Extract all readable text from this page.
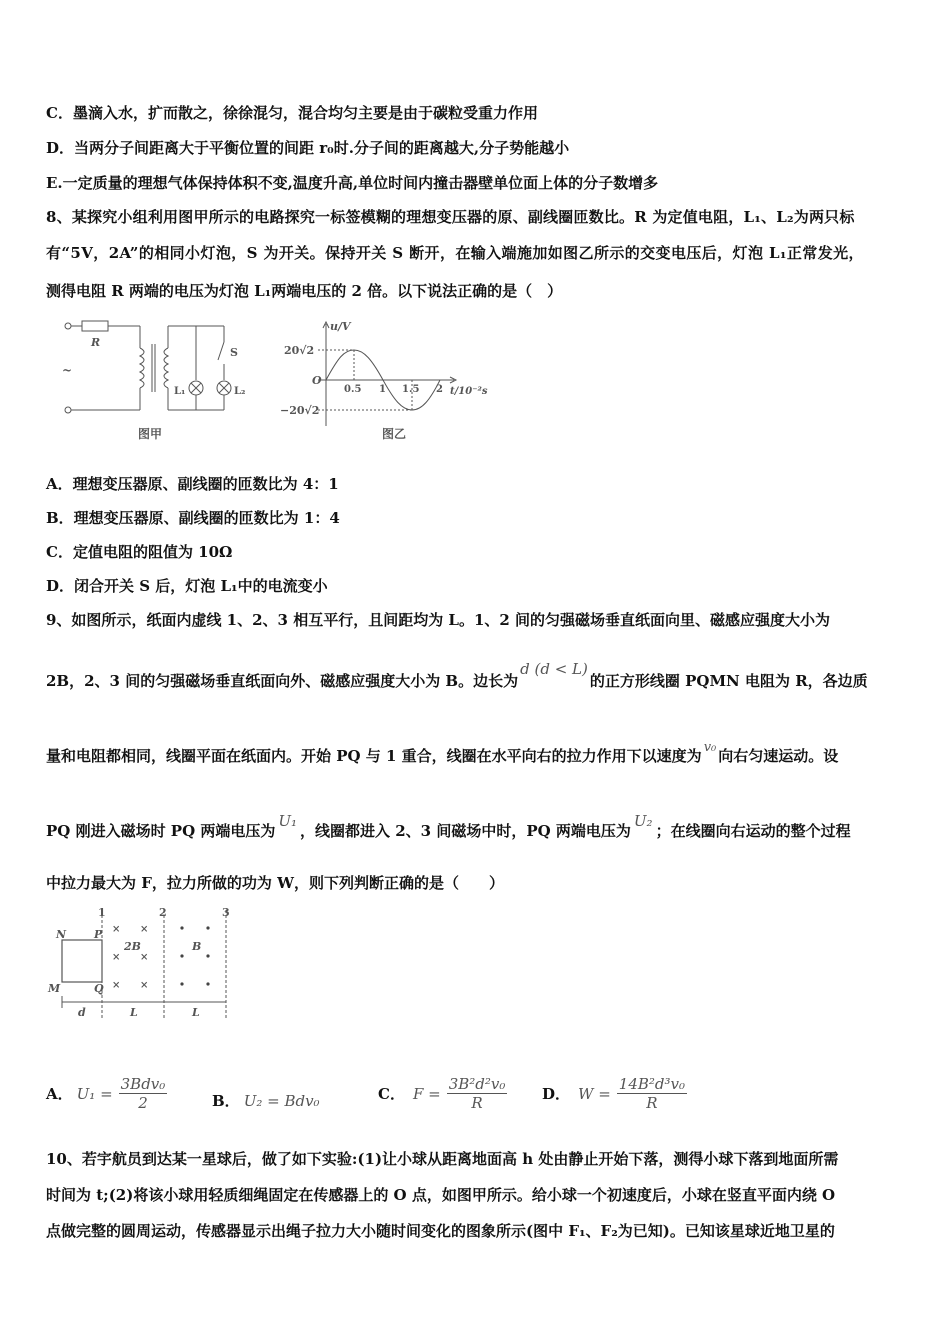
C．墨滴入水，扩而散之，徐徐混匀，混合均匀主要是由于碳粒受重力作用
D．当两分子间距离大于平衡位置的间距 r₀时.分子间的距离越大,分子势能越小
E.一定质量的理想气体保持体积不变,温度升高,单位时间内撞击器壁单位面上体的分子数增多
8、某探究小组利用图甲所示的电路探究一标签模糊的理想变压器的原、副线圈匝数比。R 为定值电阻，L₁、L₂为两只标
有“5V，2A”的相同小灯泡，S 为开关。保持开关 S 断开，在输入端施加如图乙所示的交变电压后，灯泡 L₁正常发光，
测得电阻 R 两端的电压为灯泡 L₁两端电压的 2 倍。以下说法正确的是（　）
R
~
S
L₁	L₂
图甲
u/V
20√2
−20√2
O
0.5 1 1.5 2 t/10⁻²s
图乙
A．理想变压器原、副线圈的匝数比为 4：1
B．理想变压器原、副线圈的匝数比为 1：4
C．定值电阻的阻值为 10Ω
D．闭合开关 S 后，灯泡 L₁中的电流变小
9、如图所示，纸面内虚线 1、2、3 相互平行，且间距均为 L。1、2 间的匀强磁场垂直纸面向里、磁感应强度大小为
2B，2、3 间的匀强磁场垂直纸面向外、磁感应强度大小为 B。边长为d (d < L)的正方形线圈 PQMN 电阻为 R，各边质
量和电阻都相同，线圈平面在纸面内。开始 PQ 与 1 重合，线圈在水平向右的拉力作用下以速度为 v₀ 向右匀速运动。设
PQ 刚进入磁场时 PQ 两端电压为U₁，线圈都进入 2、3 间磁场中时，PQ 两端电压为U₂；在线圈向右运动的整个过程
中拉力最大为 F，拉力所做的功为 W，则下列判断正确的是（　　）
1	2	3
N	P
M	Q
2B	B
d	L	L
× ×
× ×
× ×
A． $U_1 = \frac{\text{3Bdv₀}}{2}$	B． U₂ = Bdv₀	C． $F = \frac{\text{3B²d²v₀}}{R}$ D． $W = \frac{\text{14B²d³v₀}}{R}$
10、若宇航员到达某一星球后，做了如下实验:(1)让小球从距离地面高 h 处由静止开始下落，测得小球下落到地面所需
时间为 t;(2)将该小球用轻质细绳固定在传感器上的 O 点，如图甲所示。给小球一个初速度后，小球在竖直平面内绕 O
点做完整的圆周运动，传感器显示出绳子拉力大小随时间变化的图象所示(图中 F₁、F₂为已知)。已知该星球近地卫星的
